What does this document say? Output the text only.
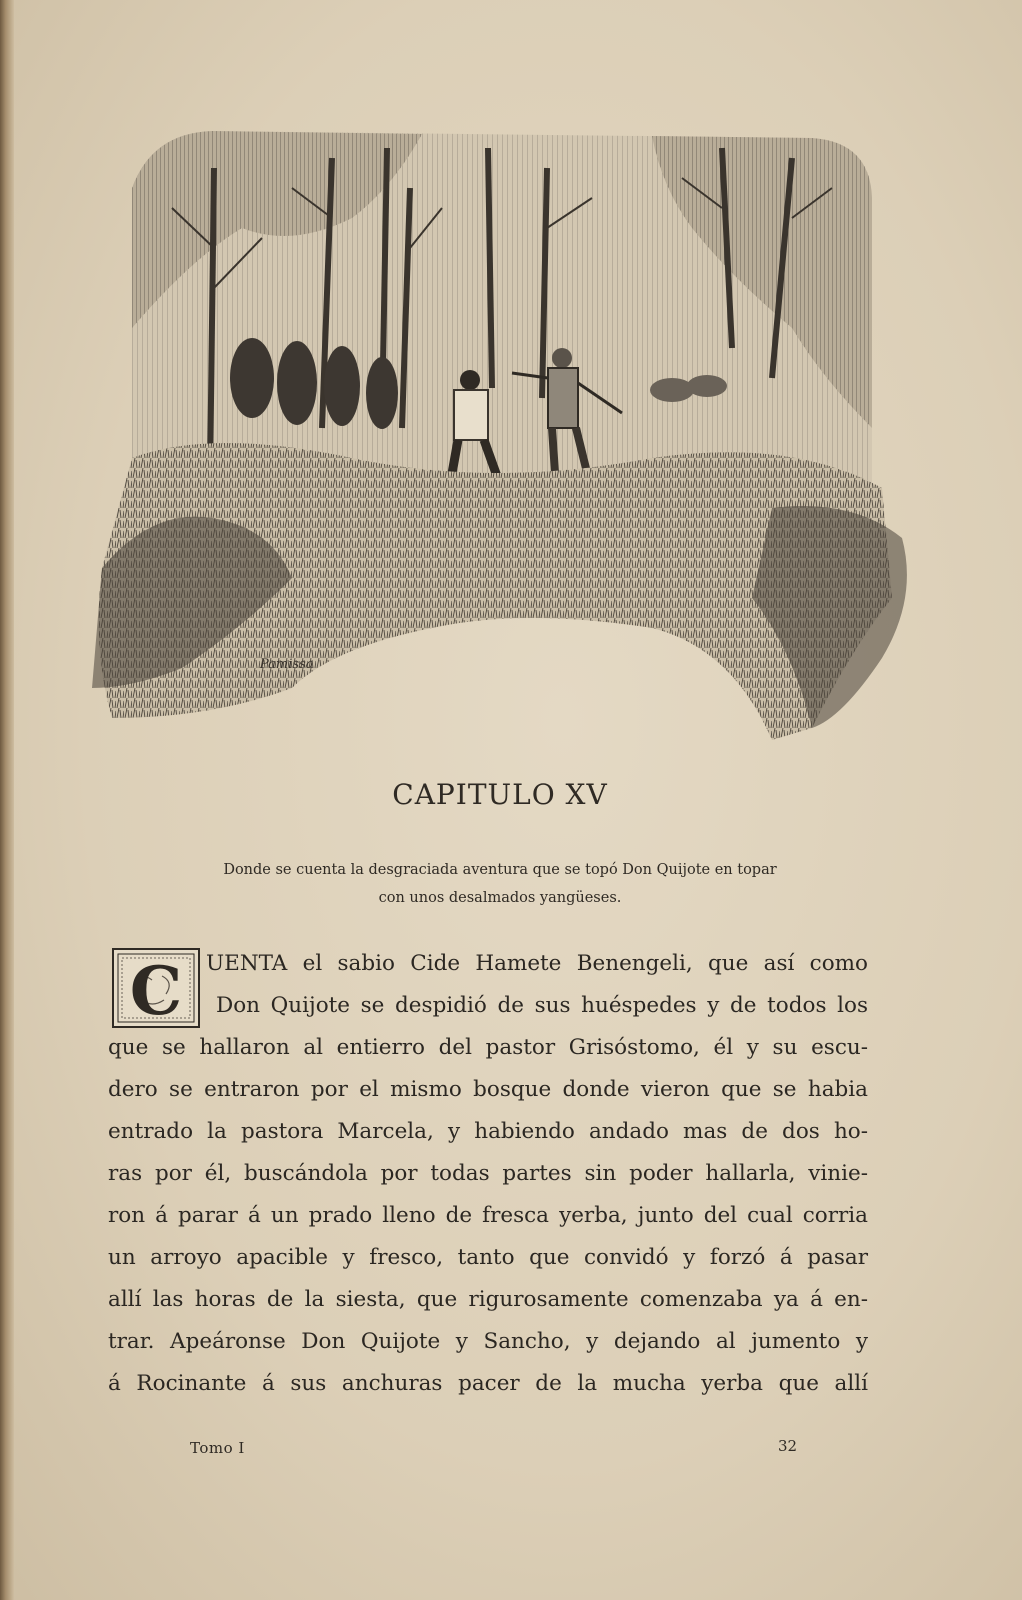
Pamissa
CAPITULO XV
Donde se cuenta la desgraciada aventura que se topó Don Quijote en topar
con unos desalmados yangüeses.
C UENTA el sabio Cide Hamete Benengeli, que así como
Don Quijote se despidió de sus huéspedes y de todos los
que se hallaron al entierro del pastor Grisóstomo, él y su escu-
dero se entraron por el mismo bosque donde vieron que se habia
entrado la pastora Marcela, y habiendo andado mas de dos ho-
ras por él, buscándola por todas partes sin poder hallarla, vinie-
ron á parar á un prado lleno de fresca yerba, junto del cual corria
un arroyo apacible y fresco, tanto que convidó y forzó á pasar
allí las horas de la siesta, que rigurosamente comenzaba ya á en-
trar. Apeáronse Don Quijote y Sancho, y dejando al jumento y
á Rocinante á sus anchuras pacer de la mucha yerba que allí
Tomo I	32
